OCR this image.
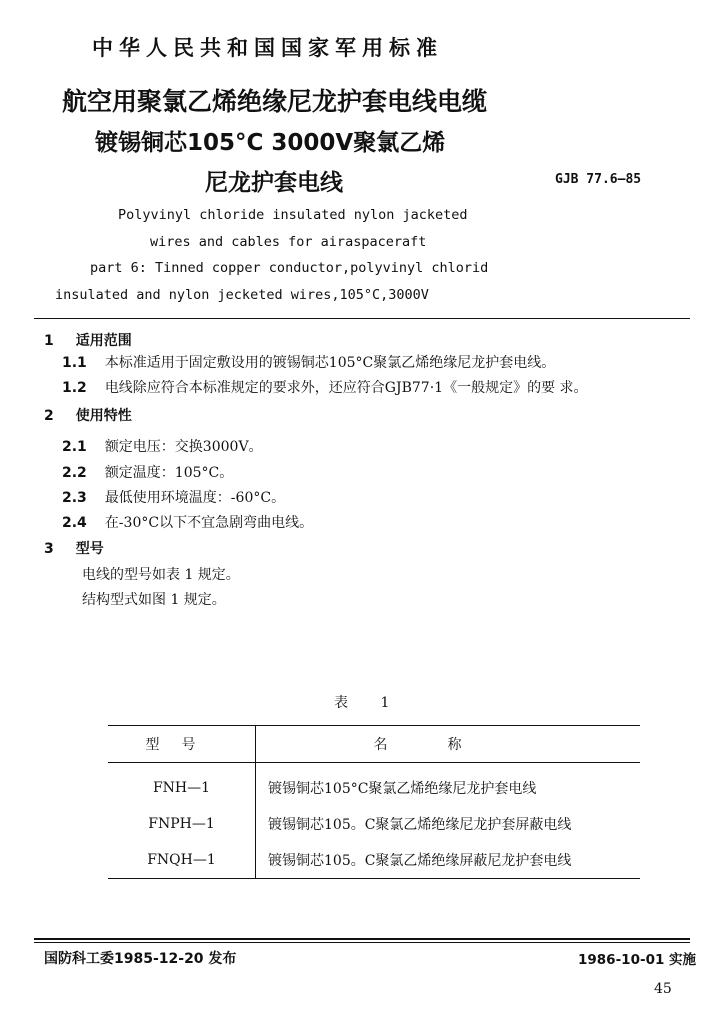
中华人民共和国国家军用标准
航空用聚氯乙烯绝缘尼龙护套电线电缆
镀锡铜芯105°C 3000V聚氯乙烯
尼龙护套电线	GJB 77.6—85
Polyvinyl chloride insulated nylon jacketed
wires and cables for airaspaceraft
part 6: Tinned copper conductor,polyvinyl chlorid
insulated and nylon jecketed wires,105°C,3000V
1 适用范围
1.1 本标准适用于固定敷设用的镀锡铜芯105°C聚氯乙烯绝缘尼龙护套电线。
1.2 电线除应符合本标准规定的要求外，还应符合GJB77·1《一般规定》的要 求。
2 使用特性
2.1 额定电压：交换3000V。
2.2 额定温度：105°C。
2.3 最低使用环境温度：-60°C。
2.4 在-30°C以下不宜急剧弯曲电线。
3 型号
电线的型号如表 1 规定。
结构型式如图 1 规定。
表 1
型号	名称
FNH—1	镀锡铜芯105°C聚氯乙烯绝缘尼龙护套电线
FNPH—1	镀锡铜芯105。C聚氯乙烯绝缘尼龙护套屏蔽电线
FNQH—1	镀锡铜芯105。C聚氯乙烯绝缘屏蔽尼龙护套电线
国防科工委1985-12-20 发布	1986-10-01 实施
45
